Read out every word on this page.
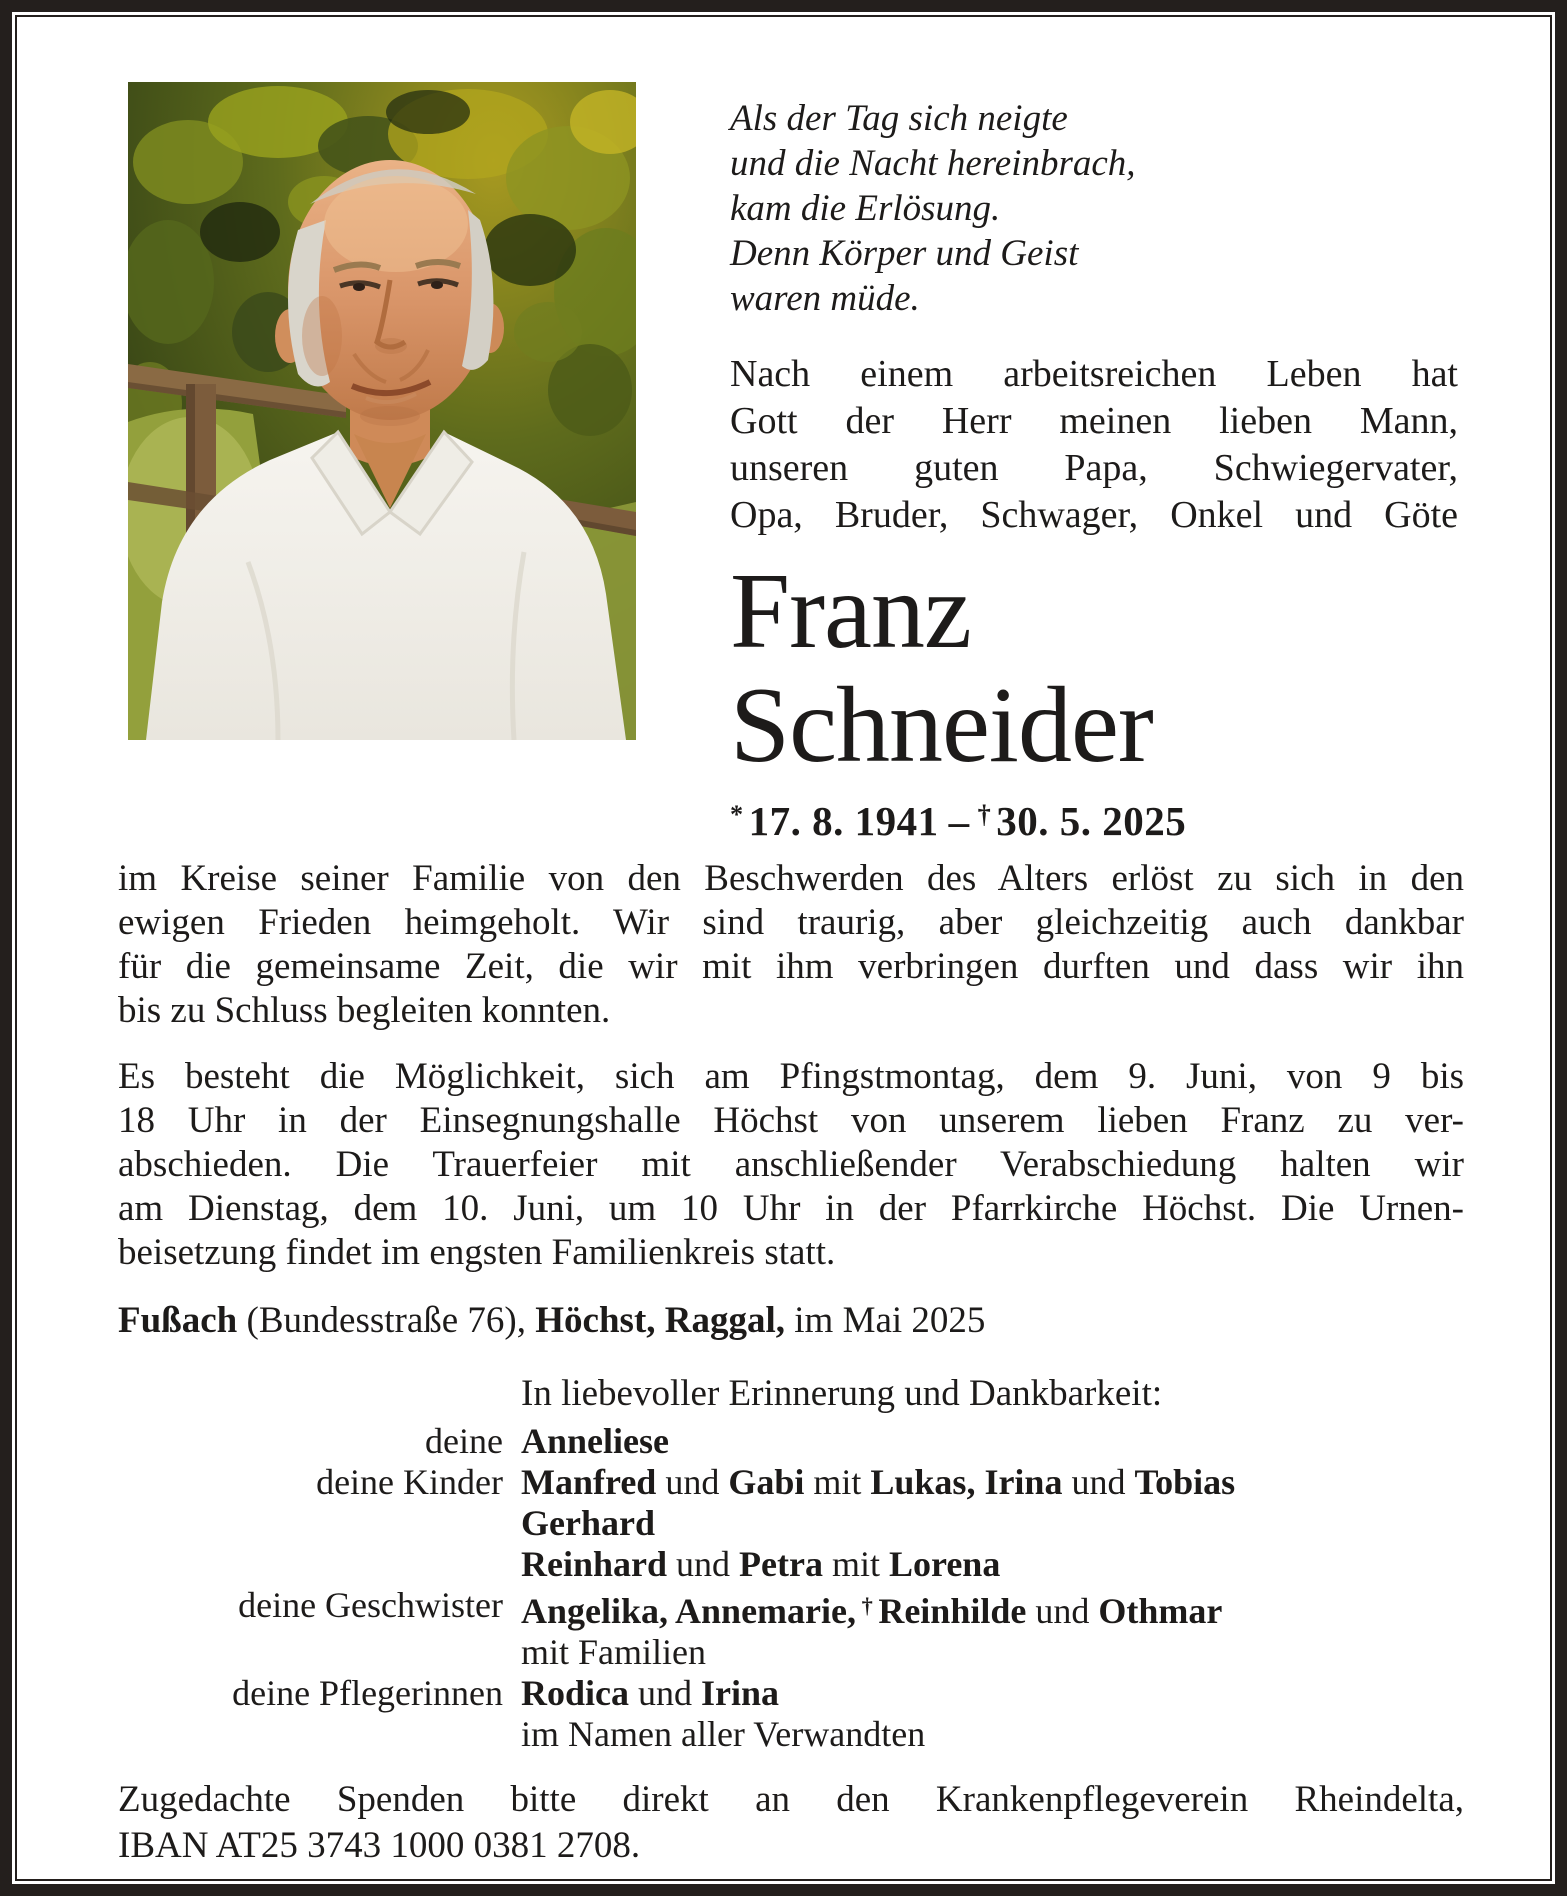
Als der Tag sich neigte
und die Nacht hereinbrach,
kam die Erlösung.
Denn Körper und Geist
waren müde.
Nach einem arbeitsreichen Leben hat
Gott der Herr meinen lieben Mann,
unseren guten Papa, Schwiegervater,
Opa, Bruder, Schwager, Onkel und Göte
Franz
Schneider
* 17. 8. 1941 – † 30. 5. 2025
im Kreise seiner Familie von den Beschwerden des Alters erlöst zu sich in den
ewigen Frieden heimgeholt. Wir sind traurig, aber gleichzeitig auch dankbar
für die gemeinsame Zeit, die wir mit ihm verbringen durften und dass wir ihn
bis zu Schluss begleiten konnten.
Es besteht die Möglichkeit, sich am Pfingstmontag, dem 9. Juni, von 9 bis
18 Uhr in der Einsegnungshalle Höchst von unserem lieben Franz zu ver-
abschieden. Die Trauerfeier mit anschließender Verabschiedung halten wir
am Dienstag, dem 10. Juni, um 10 Uhr in der Pfarrkirche Höchst. Die Urnen-
beisetzung findet im engsten Familienkreis statt.
Fußach (Bundesstraße 76), Höchst, Raggal, im Mai 2025
In liebevoller Erinnerung und Dankbarkeit:
deine Anneliese
deine Kinder Manfred und Gabi mit Lukas, Irina und Tobias
Gerhard
Reinhard und Petra mit Lorena
deine Geschwister Angelika, Annemarie, † Reinhilde und Othmar
mit Familien
deine Pflegerinnen Rodica und Irina
im Namen aller Verwandten
Zugedachte Spenden bitte direkt an den Krankenpflegeverein Rheindelta,
IBAN AT25 3743 1000 0381 2708.
